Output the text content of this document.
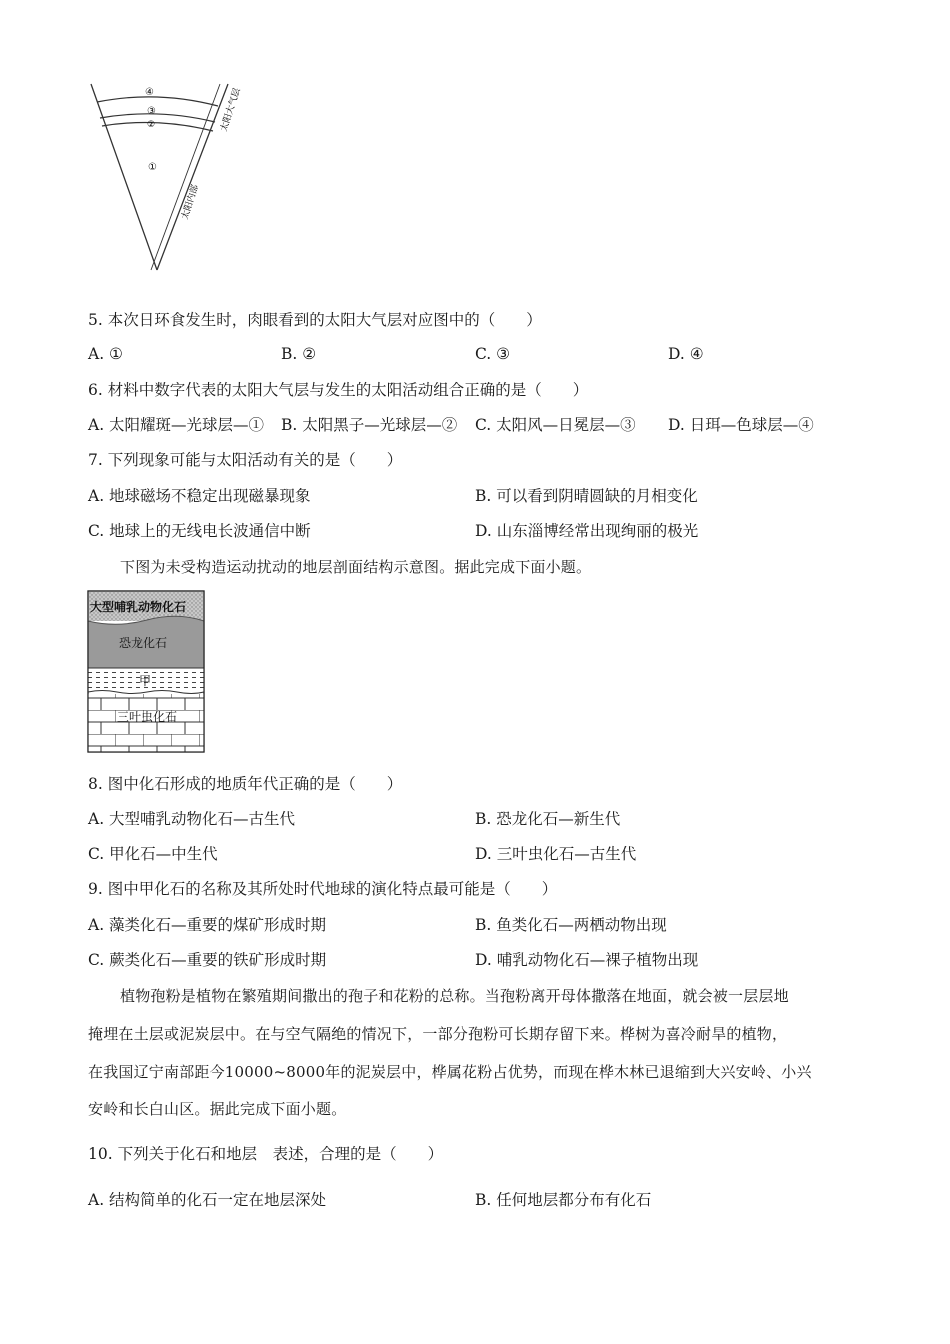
④
③
②
①
太阳大气层
太阳内部
5. 本次日环食发生时，肉眼看到的太阳大气层对应图中的（　　）
A. ①	B. ②	C. ③	D. ④
6. 材料中数字代表的太阳大气层与发生的太阳活动组合正确的是（　　）
A. 太阳耀斑—光球层—① B. 太阳黑子—光球层—② C. 太阳风—日冕层—③ D. 日珥—色球层—④
7. 下列现象可能与太阳活动有关的是（　　）
A. 地球磁场不稳定出现磁暴现象	B. 可以看到阴晴圆缺的月相变化
C. 地球上的无线电长波通信中断	D. 山东淄博经常出现绚丽的极光
下图为未受构造运动扰动的地层剖面结构示意图。据此完成下面小题。
大型哺乳动物化石
恐龙化石
甲
三叶虫化石
8. 图中化石形成的地质年代正确的是（　　）
A. 大型哺乳动物化石—古生代	B. 恐龙化石—新生代
C. 甲化石—中生代	D. 三叶虫化石—古生代
9. 图中甲化石的名称及其所处时代地球的演化特点最可能是（　　）
A. 藻类化石—重要的煤矿形成时期	B. 鱼类化石—两栖动物出现
C. 蕨类化石—重要的铁矿形成时期	D. 哺乳动物化石—裸子植物出现
植物孢粉是植物在繁殖期间撒出的孢子和花粉的总称。当孢粉离开母体撒落在地面，就会被一层层地
掩埋在土层或泥炭层中。在与空气隔绝的情况下，一部分孢粉可长期存留下来。桦树为喜冷耐旱的植物，
在我国辽宁南部距今10000~8000年的泥炭层中，桦属花粉占优势，而现在桦木林已退缩到大兴安岭、小兴
安岭和长白山区。据此完成下面小题。
10. 下列关于化石和地层　表述，合理的是（　　）
A. 结构简单的化石一定在地层深处	B. 任何地层都分布有化石
